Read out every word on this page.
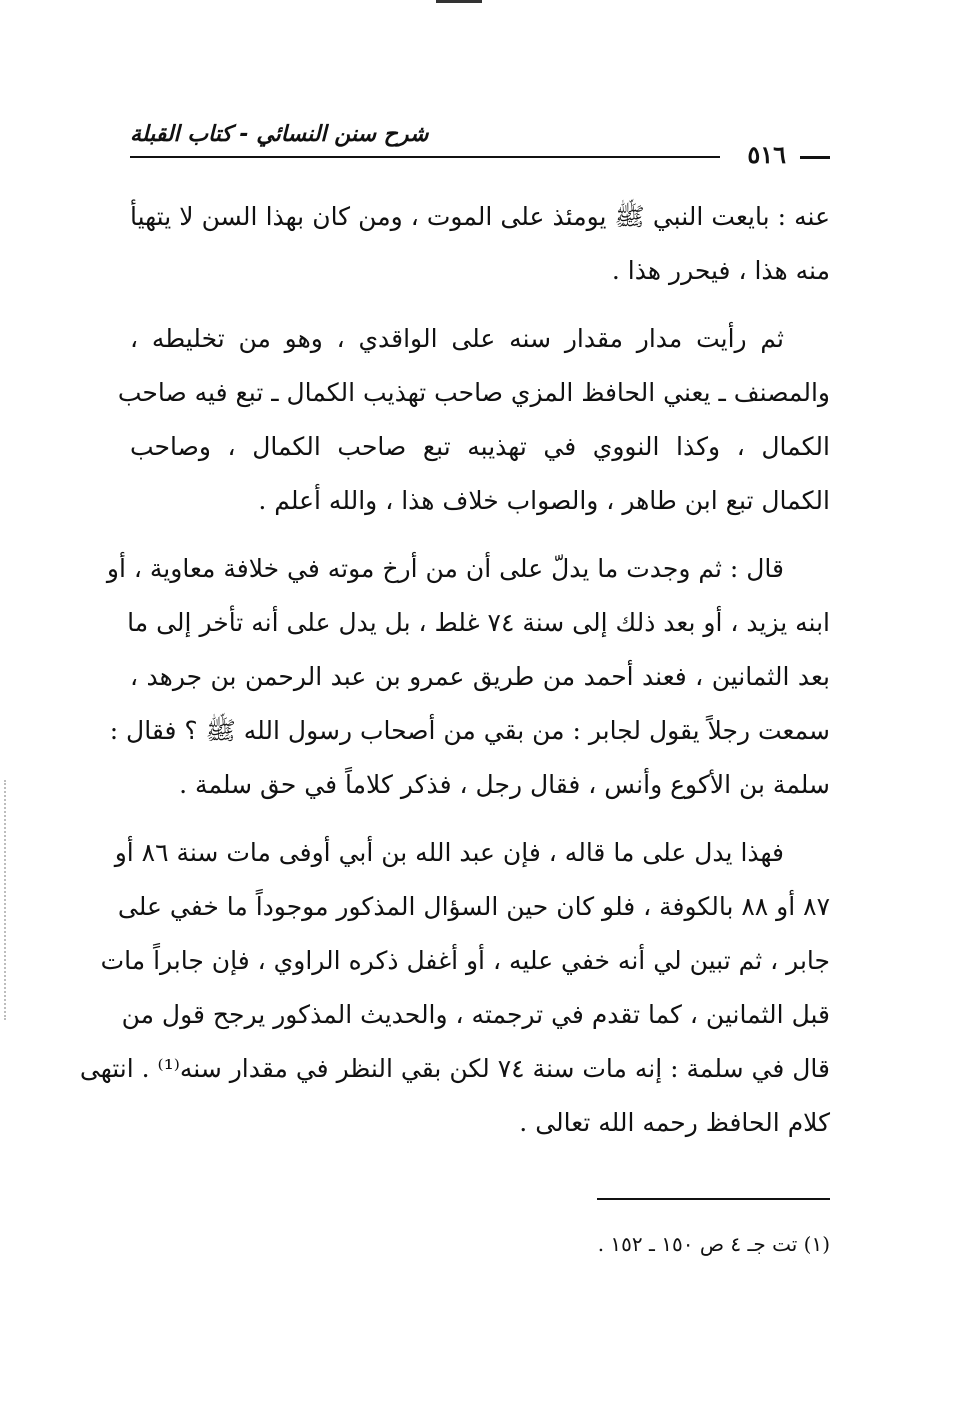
شرح سنن النسائي - كتاب القبلة
٥١٦
عنه : بايعت النبي ﷺ يومئذ على الموت ، ومن كان بهذا السن لا يتهيأ
منه هذا ، فيحرر هذا .
ثم رأيت مدار مقدار سنه على الواقدي ، وهو من تخليطه ،
والمصنف ـ يعني الحافظ المزي صاحب تهذيب الكمال ـ تبع فيه صاحب
الكمال ، وكذا النووي في تهذيبه تبع صاحب الكمال ، وصاحب
الكمال تبع ابن طاهر ، والصواب خلاف هذا ، والله أعلم .
قال : ثم وجدت ما يدلّ على أن من أرخ موته في خلافة معاوية ، أو
ابنه يزيد ، أو بعد ذلك إلى سنة ٧٤ غلط ، بل يدل على أنه تأخر إلى ما
بعد الثمانين ، فعند أحمد من طريق عمرو بن عبد الرحمن بن جرهد ،
سمعت رجلاً يقول لجابر : من بقي من أصحاب رسول الله ﷺ ؟ فقال :
سلمة بن الأكوع وأنس ، فقال رجل ، فذكر كلاماً في حق سلمة .
فهذا يدل على ما قاله ، فإن عبد الله بن أبي أوفى مات سنة ٨٦ أو
٨٧ أو ٨٨ بالكوفة ، فلو كان حين السؤال المذكور موجوداً ما خفي على
جابر ، ثم تبين لي أنه خفي عليه ، أو أغفل ذكره الراوي ، فإن جابراً مات
قبل الثمانين ، كما تقدم في ترجمته ، والحديث المذكور يرجح قول من
قال في سلمة : إنه مات سنة ٧٤ لكن بقي النظر في مقدار سنه⁽¹⁾ . انتهى
كلام الحافظ رحمه الله تعالى .
(١) تت جـ ٤ ص ١٥٠ ـ ١٥٢ .
